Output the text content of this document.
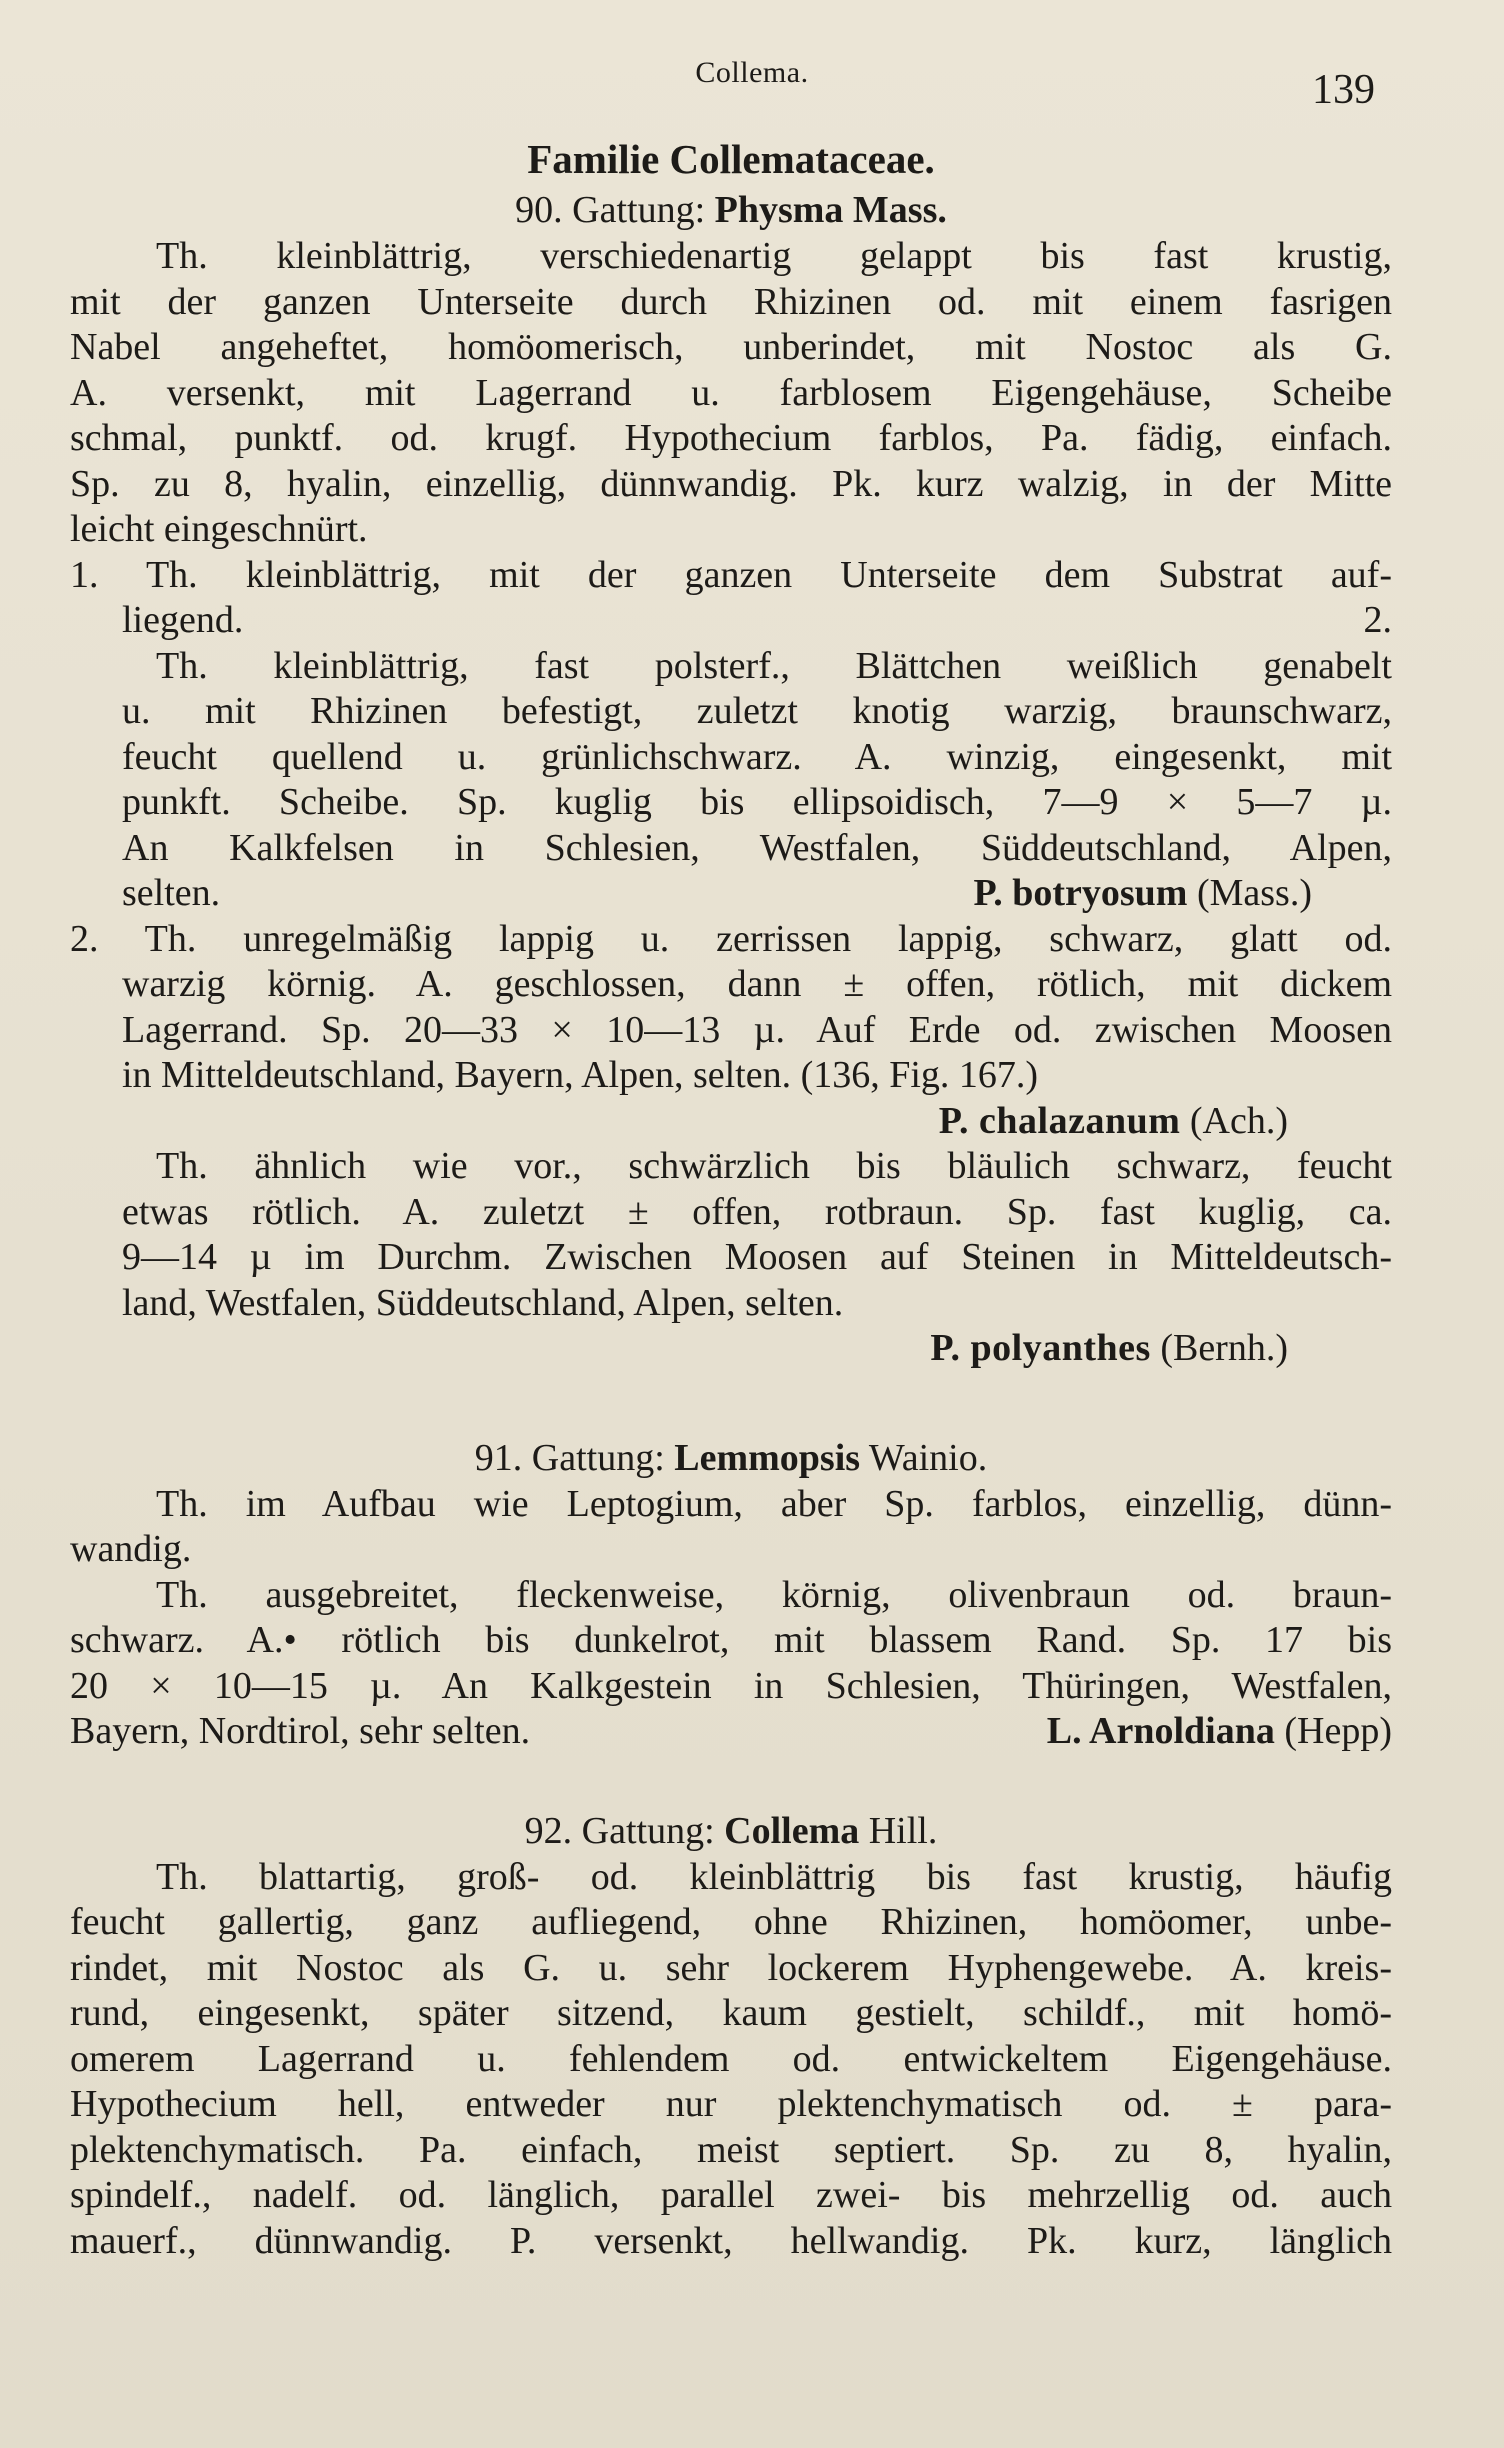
Collema.	139
Familie Collemataceae.
90. Gattung: Physma Mass.

Th. kleinblättrig, verschiedenartig gelappt bis fast krustig,

mit der ganzen Unterseite durch Rhizinen od. mit einem fasrigen

Nabel angeheftet, homöomerisch, unberindet, mit Nostoc als G.

A. versenkt, mit Lagerrand u. farblosem Eigengehäuse, Scheibe

schmal, punktf. od. krugf. Hypothecium farblos, Pa. fädig, einfach.

Sp. zu 8, hyalin, einzellig, dünnwandig. Pk. kurz walzig, in der Mitte

leicht eingeschnürt.

1. Th. kleinblättrig, mit der ganzen Unterseite dem Substrat auf-

liegend.	2.

Th. kleinblättrig, fast polsterf., Blättchen weißlich genabelt

u. mit Rhizinen befestigt, zuletzt knotig warzig, braunschwarz,

feucht quellend u. grünlichschwarz. A. winzig, eingesenkt, mit

punkft. Scheibe. Sp. kuglig bis ellipsoidisch, 7—9 × 5—7 µ.

An Kalkfelsen in Schlesien, Westfalen, Süddeutschland, Alpen,

selten.	P. botryosum (Mass.)

2. Th. unregelmäßig lappig u. zerrissen lappig, schwarz, glatt od.

warzig körnig. A. geschlossen, dann ± offen, rötlich, mit dickem

Lagerrand. Sp. 20—33 × 10—13 µ. Auf Erde od. zwischen Moosen

in Mitteldeutschland, Bayern, Alpen, selten. (136, Fig. 167.)

P. chalazanum (Ach.)

Th. ähnlich wie vor., schwärzlich bis bläulich schwarz, feucht

etwas rötlich. A. zuletzt ± offen, rotbraun. Sp. fast kuglig, ca.

9—14 µ im Durchm. Zwischen Moosen auf Steinen in Mitteldeutsch-

land, Westfalen, Süddeutschland, Alpen, selten.

P. polyanthes (Bernh.)

91. Gattung: Lemmopsis Wainio.

Th. im Aufbau wie Leptogium, aber Sp. farblos, einzellig, dünn-

wandig.

Th. ausgebreitet, fleckenweise, körnig, olivenbraun od. braun-

schwarz. A.• rötlich bis dunkelrot, mit blassem Rand. Sp. 17 bis

20 × 10—15 µ. An Kalkgestein in Schlesien, Thüringen, Westfalen,

Bayern, Nordtirol, sehr selten.	L. Arnoldiana (Hepp)

92. Gattung: Collema Hill.

Th. blattartig, groß- od. kleinblättrig bis fast krustig, häufig

feucht gallertig, ganz aufliegend, ohne Rhizinen, homöomer, unbe-

rindet, mit Nostoc als G. u. sehr lockerem Hyphengewebe. A. kreis-

rund, eingesenkt, später sitzend, kaum gestielt, schildf., mit homö-

omerem Lagerrand u. fehlendem od. entwickeltem Eigengehäuse.

Hypothecium hell, entweder nur plektenchymatisch od. ± para-

plektenchymatisch. Pa. einfach, meist septiert. Sp. zu 8, hyalin,

spindelf., nadelf. od. länglich, parallel zwei- bis mehrzellig od. auch

mauerf., dünnwandig. P. versenkt, hellwandig. Pk. kurz, länglich
